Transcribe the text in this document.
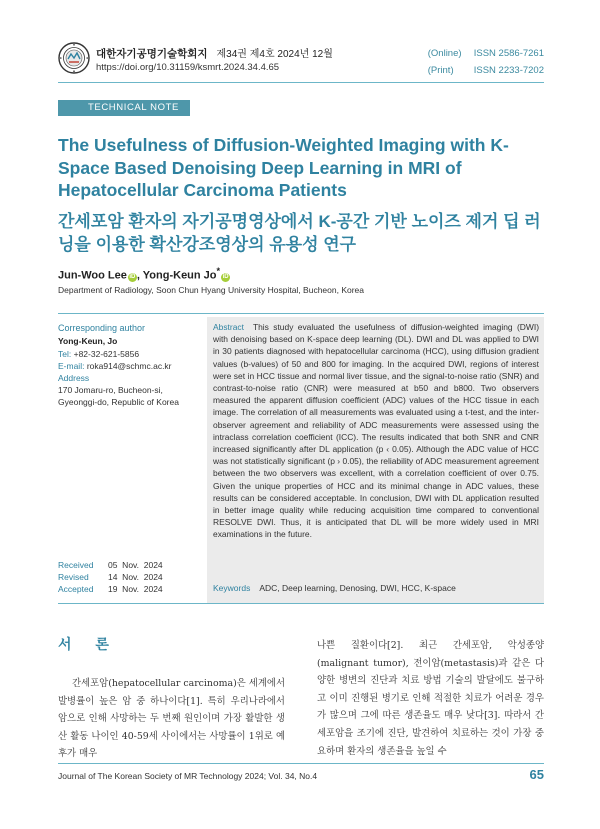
대한자기공명기술학회지 제34권 제4호 2024년 12월
https://doi.org/10.31159/ksmrt.2024.34.4.65
(Online) ISSN 2586-7261
(Print) ISSN 2233-7202
TECHNICAL NOTE
The Usefulness of Diffusion-Weighted Imaging with K-Space Based Denoising Deep Learning in MRI of Hepatocellular Carcinoma Patients
간세포암 환자의 자기공명영상에서 K-공간 기반 노이즈 제거 딥 러닝을 이용한 확산강조영상의 유용성 연구
Jun-Woo Lee iD , Yong-Keun Jo*iD
Department of Radiology, Soon Chun Hyang University Hospital, Bucheon, Korea
Corresponding author
Yong-Keun, Jo
Tel: +82-32-621-5856
E-mail: roka914@schmc.ac.kr
Address
170 Jomaru-ro, Bucheon-si,
Gyeonggi-do, Republic of Korea
Received	05  Nov.  2024
Revised	14  Nov.  2024
Accepted	19  Nov.  2024

Abstract This study evaluated the usefulness of diffusion-weighted imaging (DWI) with denoising based on K-space deep learning (DL). DWI and DL was applied to DWI in 30 patients diagnosed with hepatocellular carcinoma (HCC), using diffusion gradient values (b-values) of 50 and 800 for imaging. In the acquired DWI, regions of interest were set in HCC tissue and normal liver tissue, and the signal-to-noise ratio (SNR) and contrast-to-noise ratio (CNR) were measured at b50 and b800. Two observers measured the apparent diffusion coefficient (ADC) values of the HCC tissue in each image. The correlation of all measurements was evaluated using a t-test, and the inter-observer agreement and reliability of ADC measurements were assessed using the intraclass correlation coefficient (ICC). The results indicated that both SNR and CNR increased significantly after DL application (p ‹ 0.05). Although the ADC value of HCC was not statistically significant (p › 0.05), the reliability of ADC measurement agreement between the two observers was excellent, with a correlation coefficient of over 0.75. Given the unique properties of HCC and its minimal change in ADC values, these results can be considered acceptable. In conclusion, DWI with DL application resulted in better image quality while reducing acquisition time compared to conventional RESOLVE DWI. Thus, it is anticipated that DL will be more widely used in MRI examinations in the future.

Keywords ADC, Deep learning, Denosing, DWI, HCC, K-space
서 론

간세포암(hepatocellular carcinoma)은 세계에서 발병률이 높은 암 중 하나이다[1]. 특히 우리나라에서 암으로 인해 사망하는 두 번째 원인이며 가장 활발한 생산 활동 나이인 40-59세 사이에서는 사망률이 1위로 예후가 매우

나쁜 질환이다[2]. 최근 간세포암, 악성종양(malignant tumor), 전이암(metastasis)과 같은 다양한 병변의 진단과 치료 방법 기술의 발달에도 불구하고 이미 진행된 병기로 인해 적절한 치료가 어려운 경우가 많으며 그에 따른 생존율도 매우 낮다[3]. 따라서 간세포암을 조기에 진단, 발견하여 치료하는 것이 가장 중요하며 환자의 생존율을 높일 수

Journal of The Korean Society of MR Technology 2024; Vol. 34, No.4	65
